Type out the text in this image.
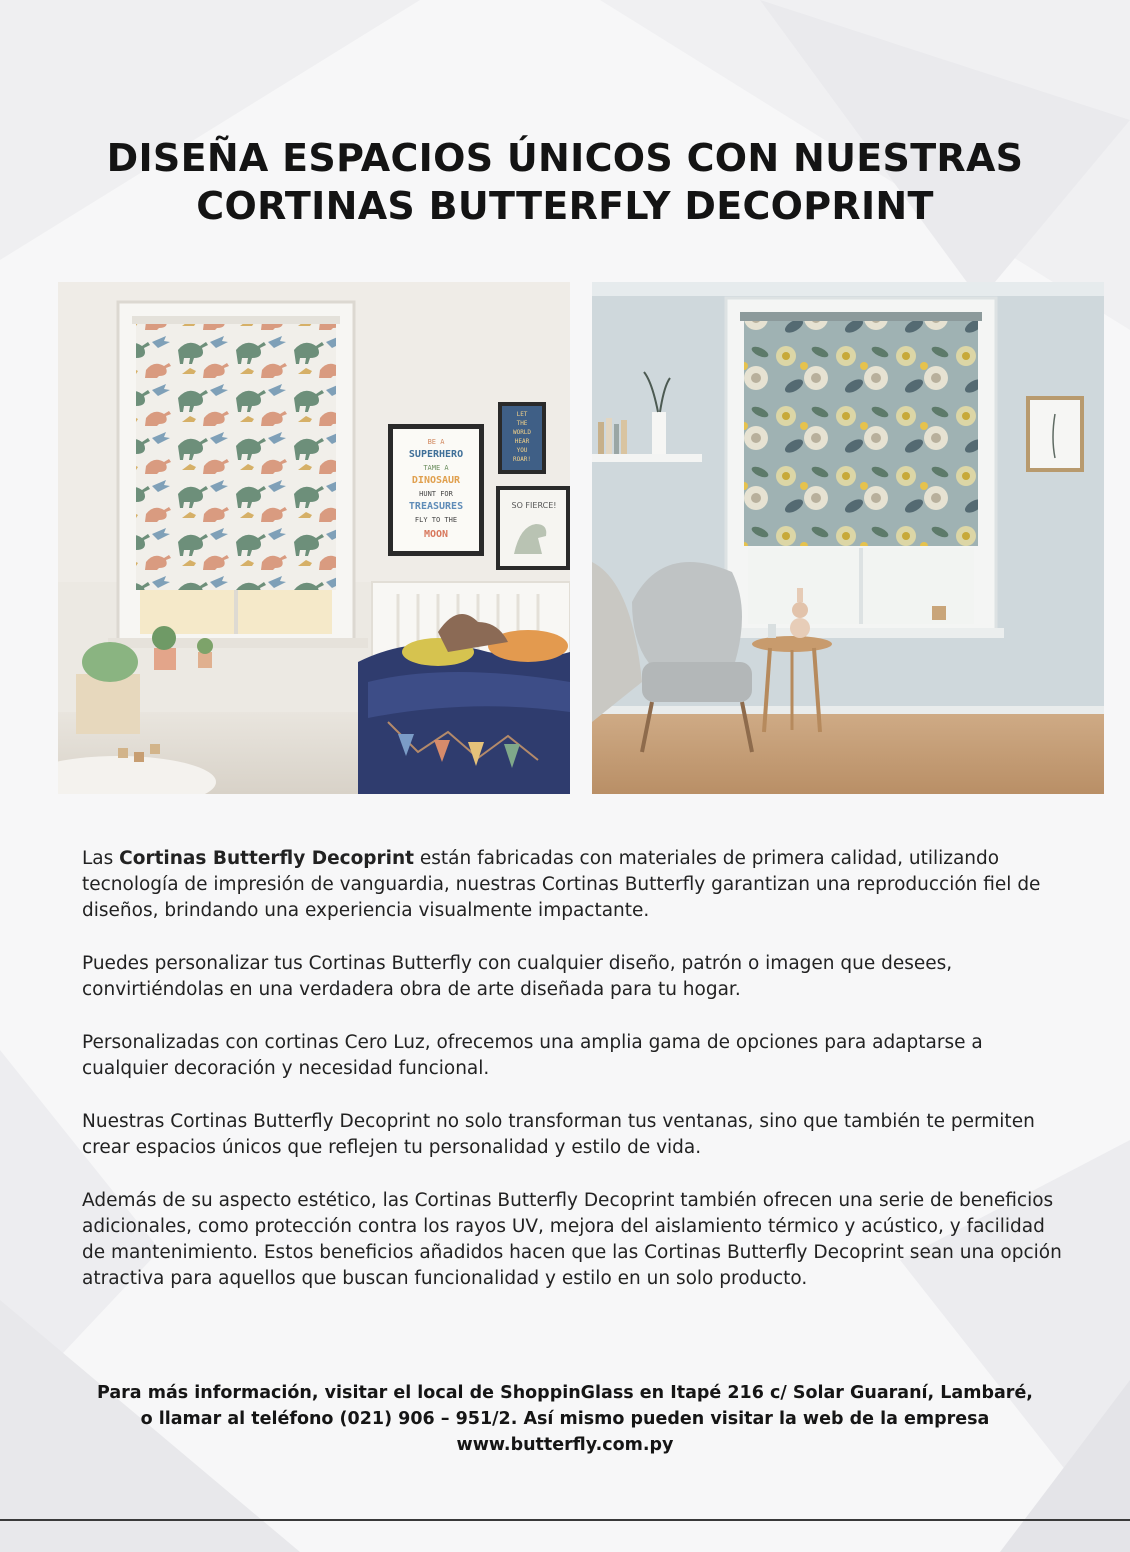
DISEÑA ESPACIOS ÚNICOS CON NUESTRAS
CORTINAS BUTTERFLY DECOPRINT
BE A
SUPERHERO
TAME A
DINOSAUR
HUNT FOR
TREASURES
FLY TO THE
MOON
LET
THE
WORLD
HEAR
YOU
ROAR!
SO FIERCE!

Las Cortinas Butterfly Decoprint están fabricadas con materiales de primera calidad, utilizando tecnología de impresión de vanguardia, nuestras Cortinas Butterfly garantizan una reproducción fiel de diseños, brindando una experiencia visualmente impactante.

Puedes personalizar tus Cortinas Butterfly con cualquier diseño, patrón o imagen que desees, convirtiéndolas en una verdadera obra de arte diseñada para tu hogar.

Personalizadas con cortinas Cero Luz, ofrecemos una amplia gama de opciones para adaptarse a cualquier decoración y necesidad funcional.

Nuestras Cortinas Butterfly Decoprint no solo transforman tus ventanas, sino que también te permiten crear espacios únicos que reflejen tu personalidad y estilo de vida.

Además de su aspecto estético, las Cortinas Butterfly Decoprint también ofrecen una serie de beneficios adicionales, como protección contra los rayos UV, mejora del aislamiento térmico y acústico, y facilidad de mantenimiento. Estos beneficios añadidos hacen que las Cortinas Butterfly Decoprint sean una opción atractiva para aquellos que buscan funcionalidad y estilo en un solo producto.

Para más información, visitar el local de ShoppinGlass en Itapé 216 c/ Solar Guaraní, Lambaré,
o llamar al teléfono (021) 906 – 951/2. Así mismo pueden visitar la web de la empresa
www.butterfly.com.py
